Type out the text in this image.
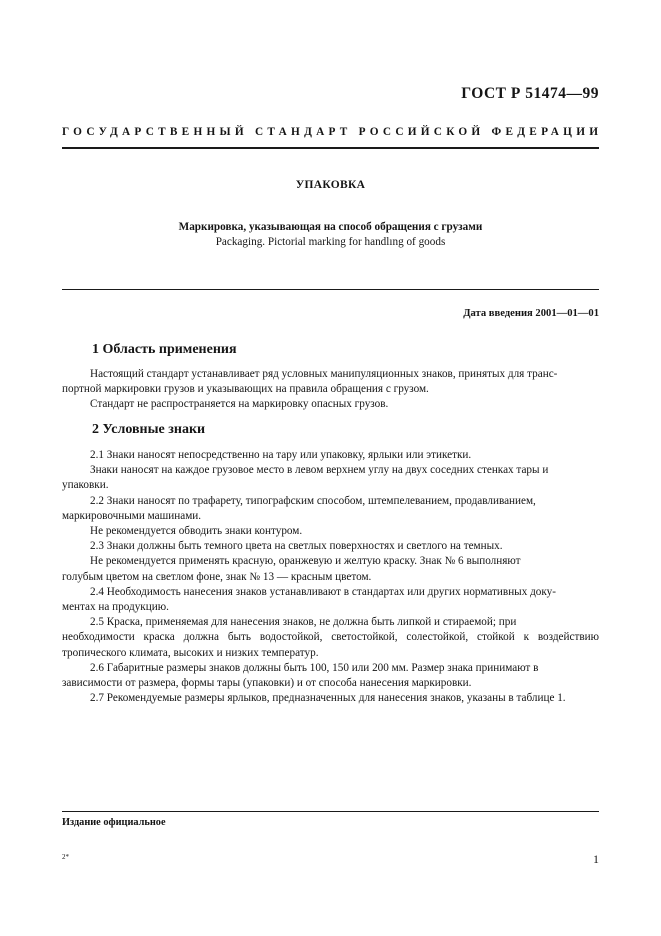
ГОСТ Р 51474—99
ГОСУДАРСТВЕННЫЙ СТАНДАРТ РОССИЙСКОЙ ФЕДЕРАЦИИ
УПАКОВКА
Маркировка, указывающая на способ обращения с грузами
Packaging. Pictorial marking for handlıng of goods
Дата введения 2001—01—01
1 Область применения

Настоящий стандарт устанавливает ряд условных манипуляционных знаков, принятых для транс-

портной маркировки грузов и указывающих на правила обращения с грузом.

Стандарт не распространяется на маркировку опасных грузов.

2 Условные знаки

2.1 Знаки наносят непосредственно на тару или упаковку, ярлыки или этикетки.

Знаки наносят на каждое грузовое место в левом верхнем углу на двух соседних стенках тары и

упаковки.

2.2 Знаки наносят по трафарету, типографским способом, штемпелеванием, продавливанием,

маркировочными машинами.

Не рекомендуется обводить знаки контуром.

2.3 Знаки должны быть темного цвета на светлых поверхностях и светлого на темных.

Не рекомендуется применять красную, оранжевую и желтую краску. Знак № 6 выполняют

голубым цветом на светлом фоне, знак № 13 — красным цветом.

2.4 Необходимость нанесения знаков устанавливают в стандартах или других нормативных доку-

ментах на продукцию.

2.5 Краска, применяемая для нанесения знаков, не должна быть липкой и стираемой; при

необходимости краска должна быть водостойкой, светостойкой, солестойкой, стойкой к воздействию тропического климата, высоких и низких температур.

2.6 Габаритные размеры знаков должны быть 100, 150 или 200 мм. Размер знака принимают в

зависимости от размера, формы тары (упаковки) и от способа нанесения маркировки.

2.7 Рекомендуемые размеры ярлыков, предназначенных для нанесения знаков, указаны в таблице 1.

Издание официальное
2*	1
